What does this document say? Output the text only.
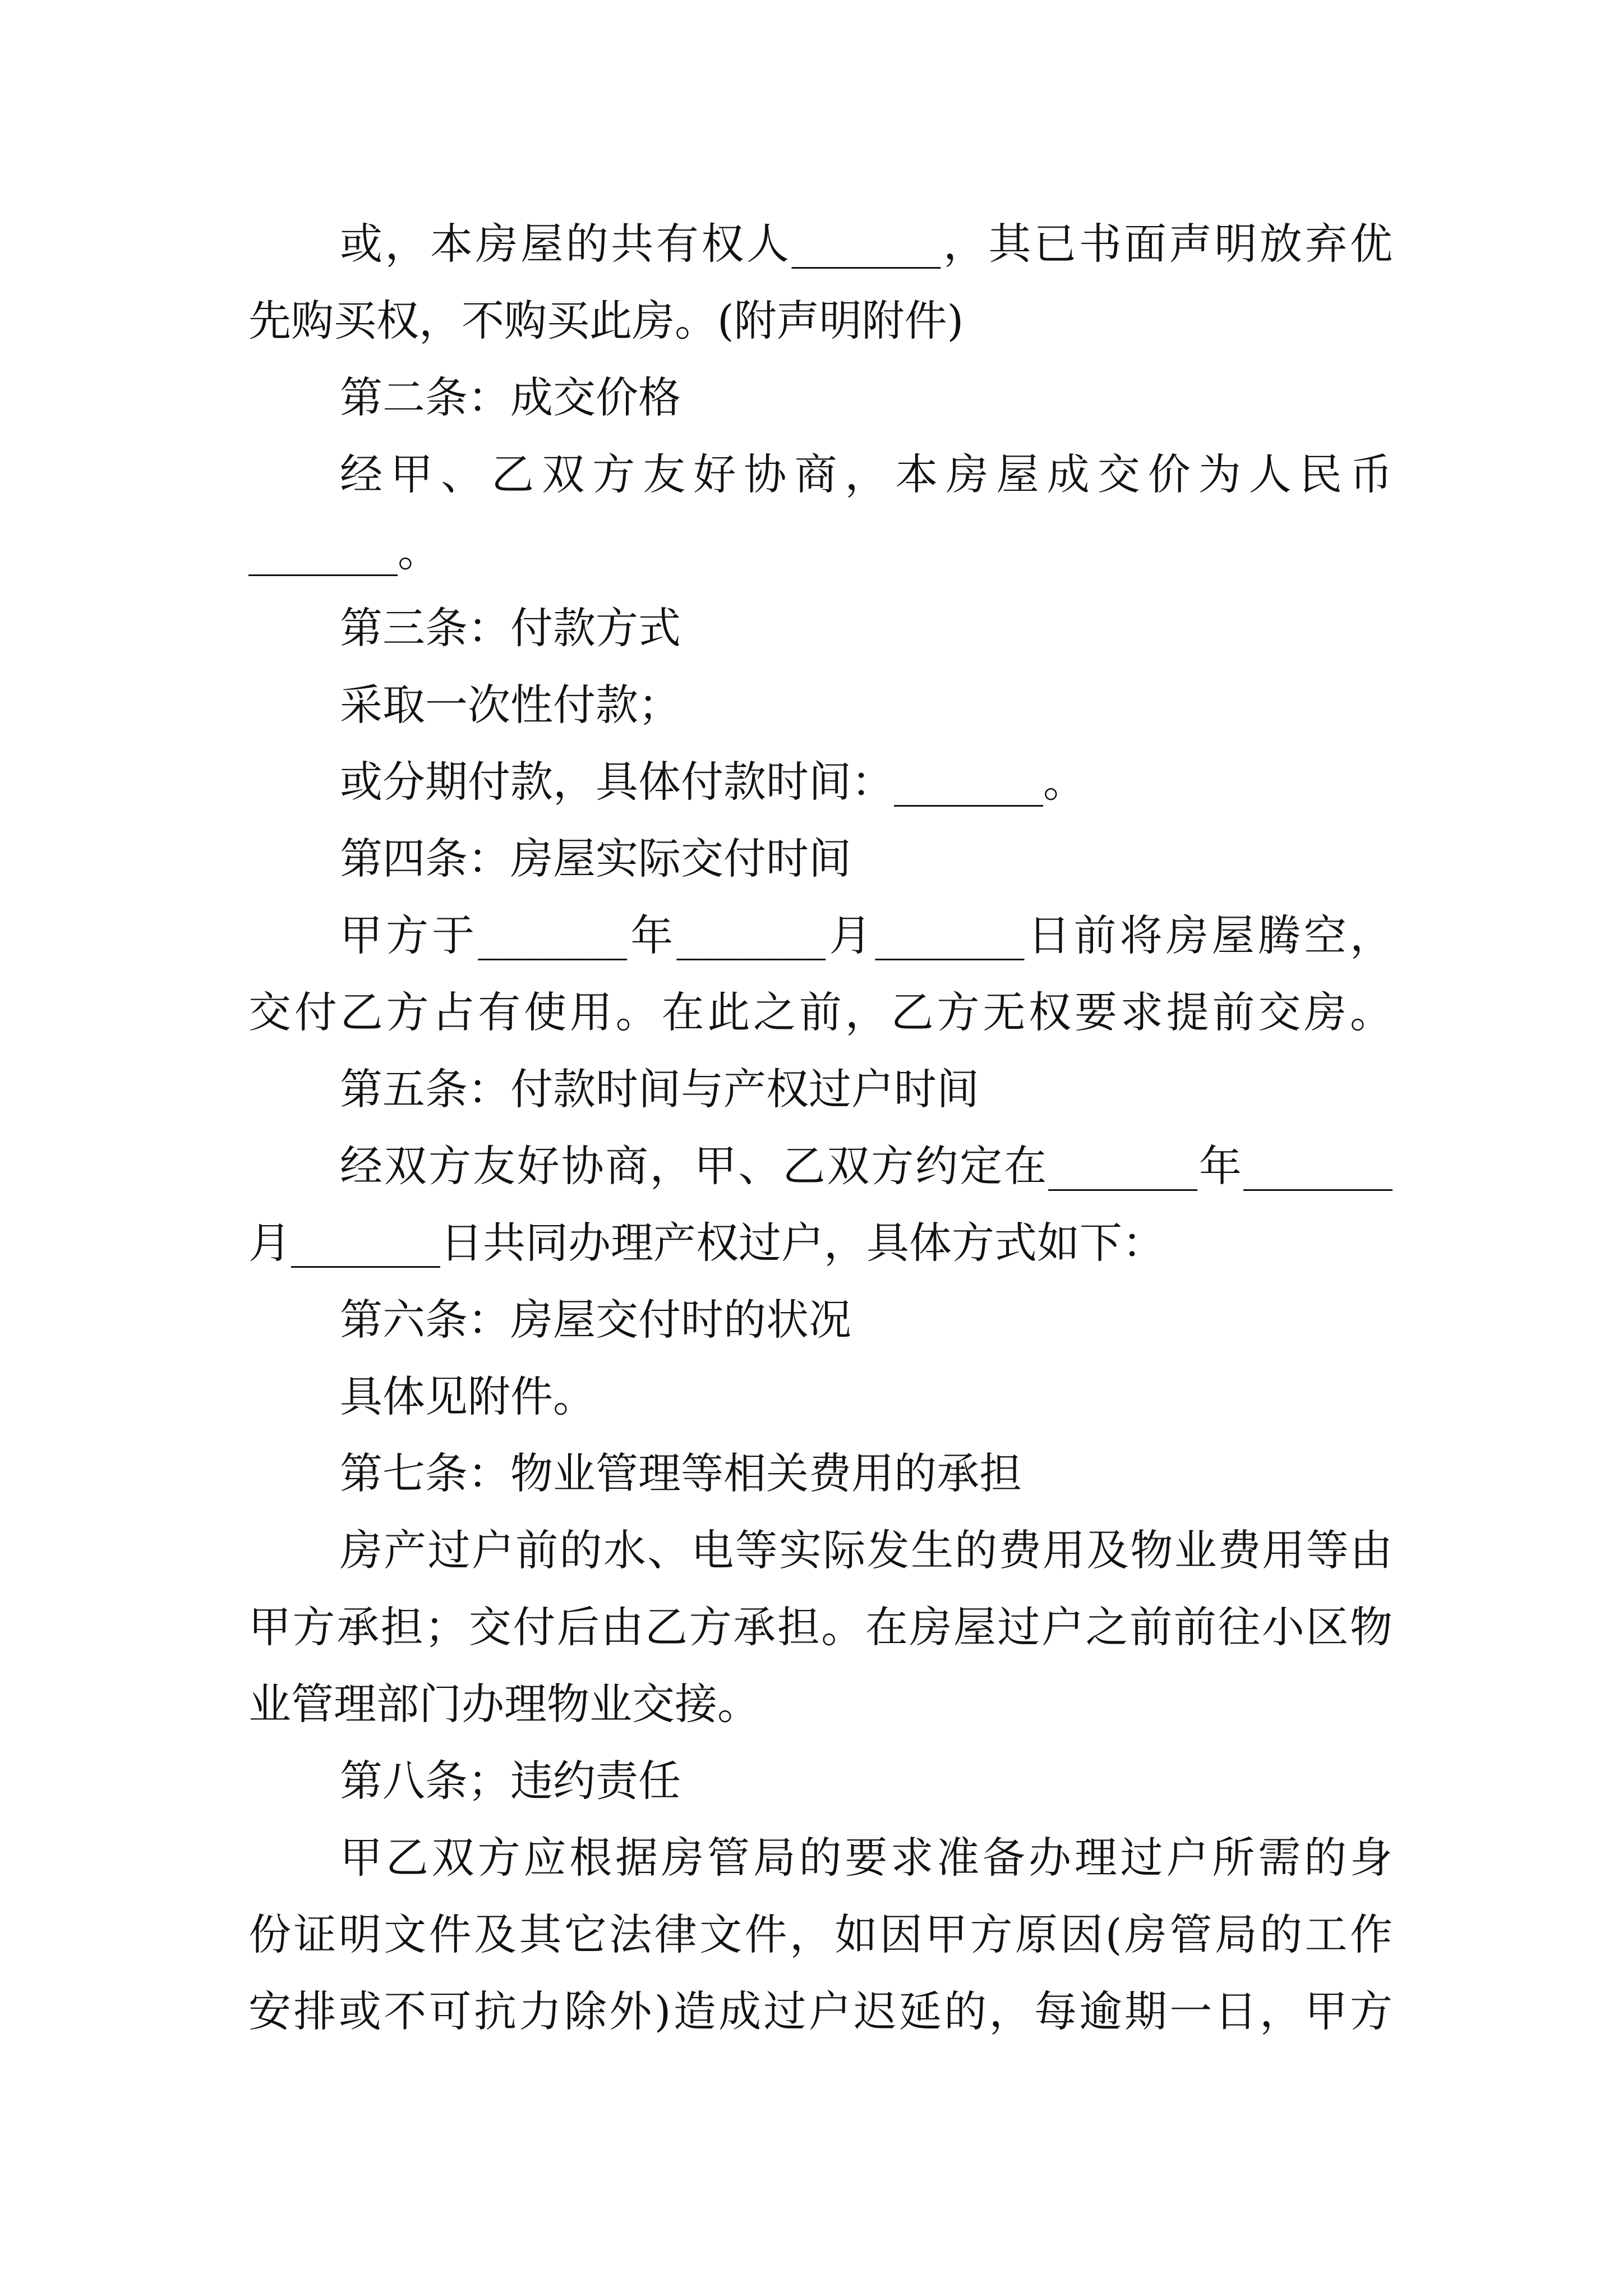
或，本房屋的共有权人_______，其已书面声明放弃优
先购买权，不购买此房。(附声明附件)
第二条：成交价格
经甲、乙双方友好协商，本房屋成交价为人民币
_______。
第三条：付款方式
采取一次性付款；
或分期付款，具体付款时间：_______。
第四条：房屋实际交付时间
甲方于_______年_______月_______日前将房屋腾空，
交付乙方占有使用。在此之前，乙方无权要求提前交房。
第五条：付款时间与产权过户时间
经双方友好协商，甲、乙双方约定在_______年_______
月_______日共同办理产权过户，具体方式如下：
第六条：房屋交付时的状况
具体见附件。
第七条：物业管理等相关费用的承担
房产过户前的水、电等实际发生的费用及物业费用等由
甲方承担；交付后由乙方承担。在房屋过户之前前往小区物
业管理部门办理物业交接。
第八条；违约责任
甲乙双方应根据房管局的要求准备办理过户所需的身
份证明文件及其它法律文件，如因甲方原因(房管局的工作
安排或不可抗力除外)造成过户迟延的，每逾期一日，甲方
